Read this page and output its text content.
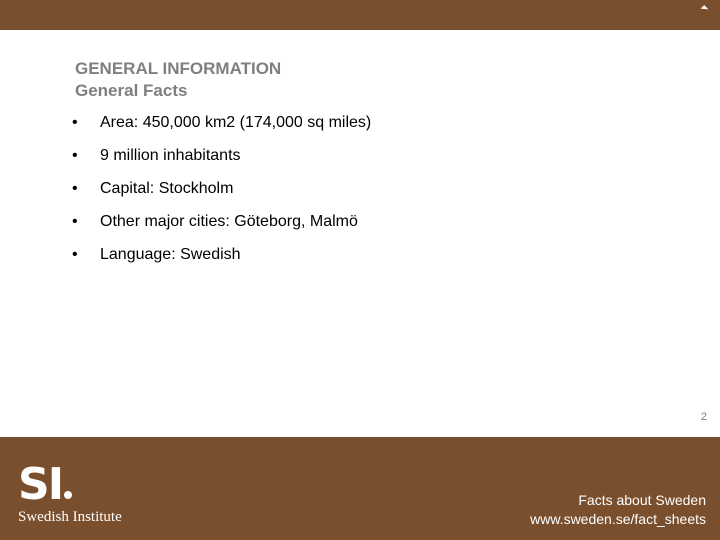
GENERAL INFORMATION
General Facts
• Area: 450,000 km2 (174,000 sq miles)
• 9 million inhabitants
• Capital: Stockholm
• Other major cities: Göteborg, Malmö
• Language: Swedish
2
SI
Swedish Institute
Facts about Sweden
www.sweden.se/fact_sheets
